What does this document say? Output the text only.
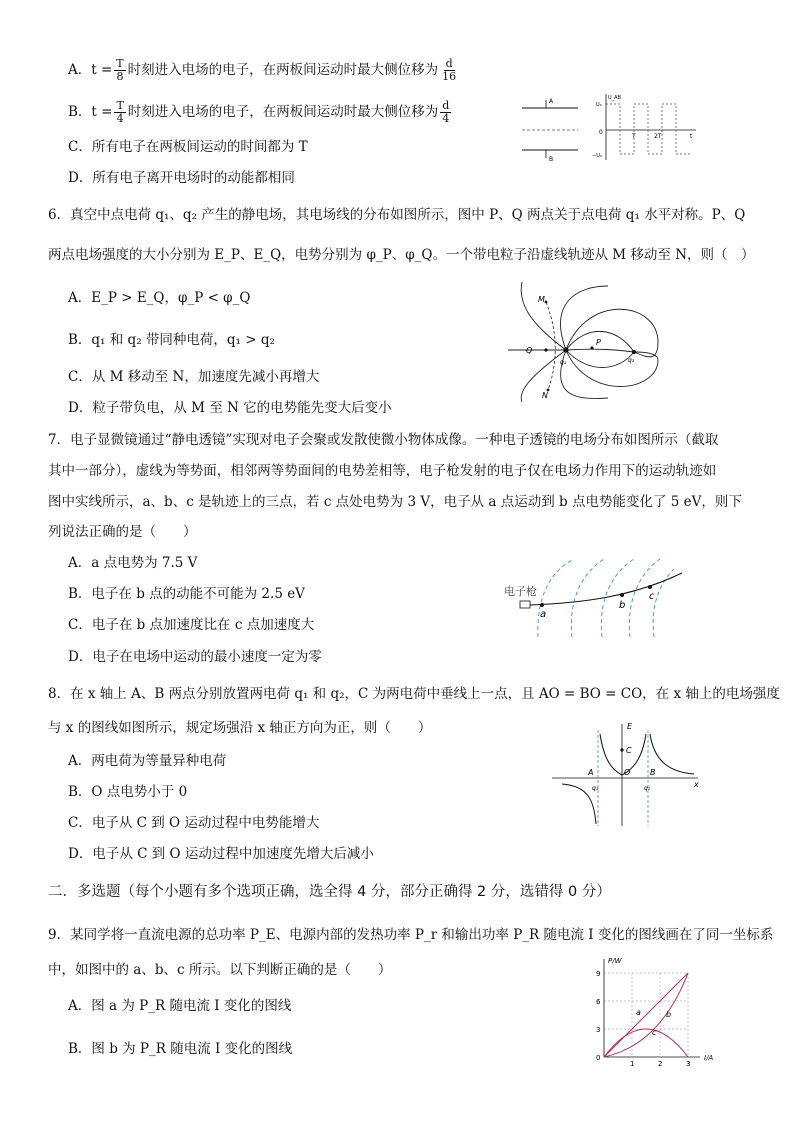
A．$t = \frac{T}{8}$ 时刻进入电场的电子，在两板间运动时最大侧位移为 $\frac{d}{16}$
B．$t = \frac{T}{4}$ 时刻进入电场的电子，在两板间运动时最大侧位移为 $\frac{d}{4}$
C．所有电子在两板间运动的时间都为 T
D．所有电子离开电场时的动能都相同
A
B
U_AB
U₀
−U₀
0
T	2T	t
6．真空中点电荷 q₁、q₂ 产生的静电场，其电场线的分布如图所示，图中 P、Q 两点关于点电荷 q₁ 水平对称。P、Q
两点电场强度的大小分别为 E_P、E_Q，电势分别为 φ_P、φ_Q。一个带电粒子沿虚线轨迹从 M 移动至 N，则（　）
A．E_P > E_Q，φ_P < φ_Q
B．q₁ 和 q₂ 带同种电荷，q₁ > q₂
C．从 M 移动至 N，加速度先减小再增大
D．粒子带负电，从 M 至 N 它的电势能先变大后变小
M
N
Q
P
q₁	q₂
7．电子显微镜通过“静电透镜”实现对电子会聚或发散使微小物体成像。一种电子透镜的电场分布如图所示（截取
其中一部分），虚线为等势面，相邻两等势面间的电势差相等，电子枪发射的电子仅在电场力作用下的运动轨迹如
图中实线所示，a、b、c 是轨迹上的三点，若 c 点处电势为 3 V，电子从 a 点运动到 b 点电势能变化了 5 eV，则下
列说法正确的是（　　）
A．a 点电势为 7.5 V
B．电子在 b 点的动能不可能为 2.5 eV
C．电子在 b 点加速度比在 c 点加速度大
D．电子在电场中运动的最小速度一定为零
电子枪
a
b
c
8．在 x 轴上 A、B 两点分别放置两电荷 q₁ 和 q₂，C 为两电荷中垂线上一点，且 AO = BO = CO，在 x 轴上的电场强度
与 x 的图线如图所示，规定场强沿 x 轴正方向为正，则（　　）
A．两电荷为等量异种电荷
B．O 点电势小于 0
C．电子从 C 到 O 运动过程中电势能增大
D．电子从 C 到 O 运动过程中加速度先增大后减小
E
x
A	O B
C
q₁	q₂
二．多选题（每个小题有多个选项正确，选全得 4 分，部分正确得 2 分，选错得 0 分）
9．某同学将一直流电源的总功率 P_E、电源内部的发热功率 P_r 和输出功率 P_R 随电流 I 变化的图线画在了同一坐标系
中，如图中的 a、b、c 所示。以下判断正确的是（　　）
A．图 a 为 P_R 随电流 I 变化的图线
B．图 b 为 P_R 随电流 I 变化的图线
P/W
I/A
0
3
6
9
1	2	3
a	b
c
